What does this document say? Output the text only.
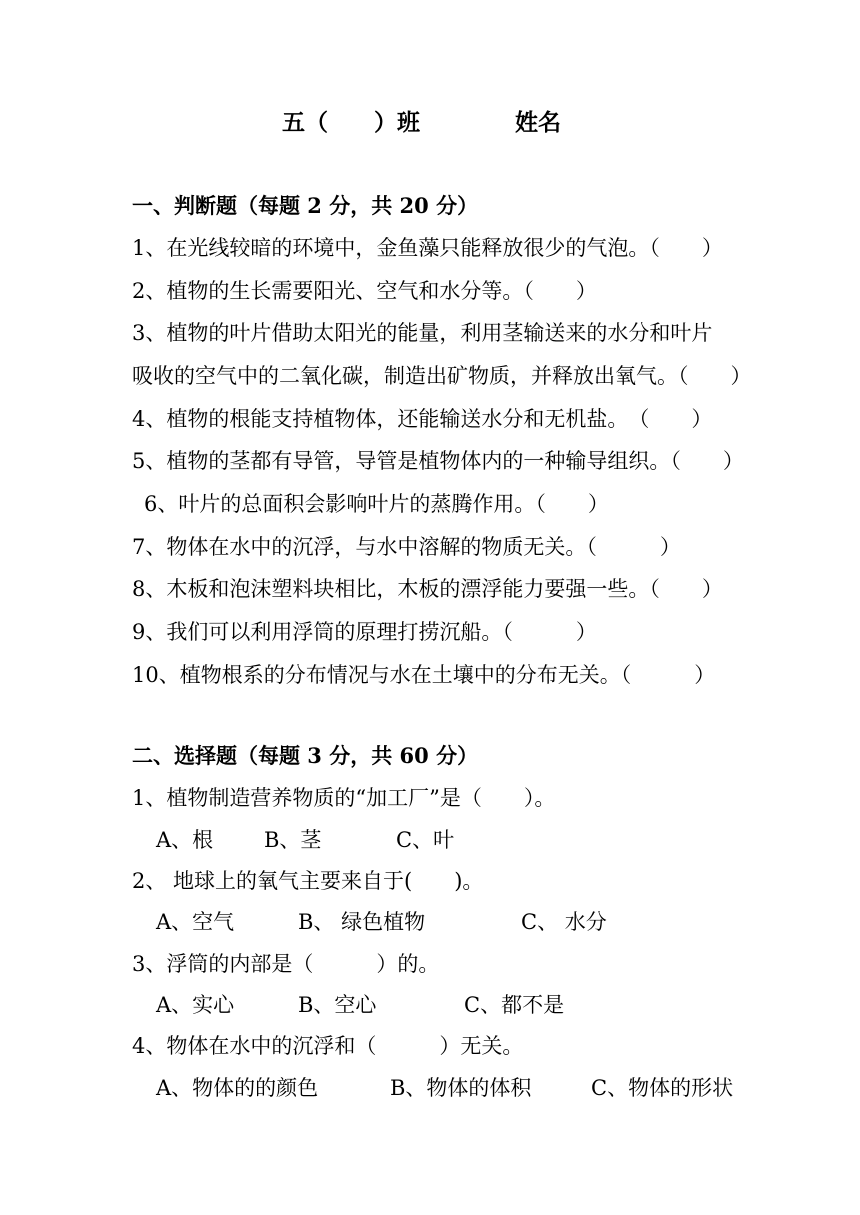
五（　　）班	姓名
一、判断题（每题 2 分，共 20 分）
1、在光线较暗的环境中，金鱼藻只能释放很少的气泡。（　　）
2、植物的生长需要阳光、空气和水分等。（　　）
3、植物的叶片借助太阳光的能量，利用茎输送来的水分和叶片
吸收的空气中的二氧化碳，制造出矿物质，并释放出氧气。（　　）
4、植物的根能支持植物体，还能输送水分和无机盐。　（　　）
5、植物的茎都有导管，导管是植物体内的一种输导组织。（　　）
6、叶片的总面积会影响叶片的蒸腾作用。（　　）
7、物体在水中的沉浮，与水中溶解的物质无关。（　　　）
8、木板和泡沫塑料块相比，木板的漂浮能力要强一些。（　　）
9、我们可以利用浮筒的原理打捞沉船。（　　　）
10、植物根系的分布情况与水在土壤中的分布无关。（　　　）
二、选择题（每题 3 分，共 60 分）
1、植物制造营养物质的“加工厂”是（　　）。
A、根 B、茎	C、叶
2、 地球上的氧气主要来自于(　　)。
A、空气	B、 绿色植物	C、 水分
3、浮筒的内部是（　　　）的。
A、实心	B、空心	C、都不是
4、物体在水中的沉浮和（　　　）无关。
A、物体的的颜色	B、物体的体积	C、物体的形状
